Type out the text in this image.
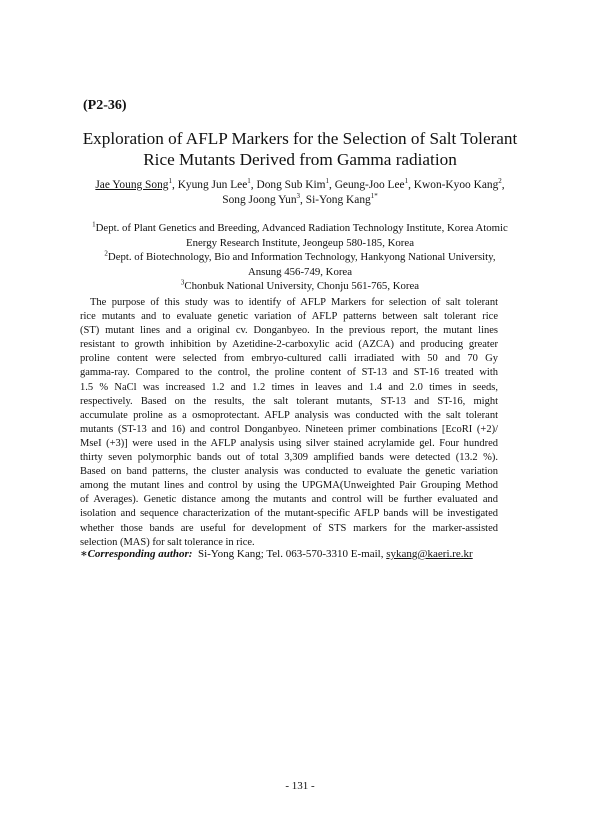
(P2-36)
Exploration of AFLP Markers for the Selection of Salt Tolerant
Rice Mutants Derived from Gamma radiation
Jae Young Song$^1$, Kyung Jun Lee$^1$, Dong Sub Kim$^1$, Geung-Joo Lee$^1$, Kwon-Kyoo Kang$^2$,
Song Joong Yun$^3$, Si-Yong Kang$^{1*}$
$^1$Dept. of Plant Genetics and Breeding, Advanced Radiation Technology Institute, Korea Atomic
Energy Research Institute, Jeongeup 580-185, Korea
$^2$Dept. of Biotechnology, Bio and Information Technology, Hankyong National University,
Ansung 456-749, Korea
$^3$Chonbuk National University, Chonju 561-765, Korea
The purpose of this study was to identify of AFLP Markers for selection of salt tolerant
rice mutants and to evaluate genetic variation of AFLP patterns between salt tolerant rice
(ST) mutant lines and a original cv. Donganbyeo. In the previous report, the mutant lines
resistant to growth inhibition by Azetidine-2-carboxylic acid (AZCA) and producing greater
proline content were selected from embryo-cultured calli irradiated with 50 and 70 Gy
gamma-ray. Compared to the control, the proline content of ST-13 and ST-16 treated with
1.5 % NaCl was increased 1.2 and 1.2 times in leaves and 1.4 and 2.0 times in seeds,
respectively. Based on the results, the salt tolerant mutants, ST-13 and ST-16, might
accumulate proline as a osmoprotectant. AFLP analysis was conducted with the salt tolerant
mutants (ST-13 and 16) and control Donganbyeo. Nineteen primer combinations [EcoRI (+2)/
MseI (+3)] were used in the AFLP analysis using silver stained acrylamide gel. Four hundred
thirty seven polymorphic bands out of total 3,309 amplified bands were detected (13.2 %).
Based on band patterns, the cluster analysis was conducted to evaluate the genetic variation
among the mutant lines and control by using the UPGMA(Unweighted Pair Grouping Method
of Averages). Genetic distance among the mutants and control will be further evaluated and
isolation and sequence characterization of the mutant-specific AFLP bands will be investigated
whether those bands are useful for development of STS markers for the marker-assisted
selection (MAS) for salt tolerance in rice.
∗Corresponding author:  Si-Yong Kang; Tel. 063-570-3310 E-mail, sykang@kaeri.re.kr
- 131 -
